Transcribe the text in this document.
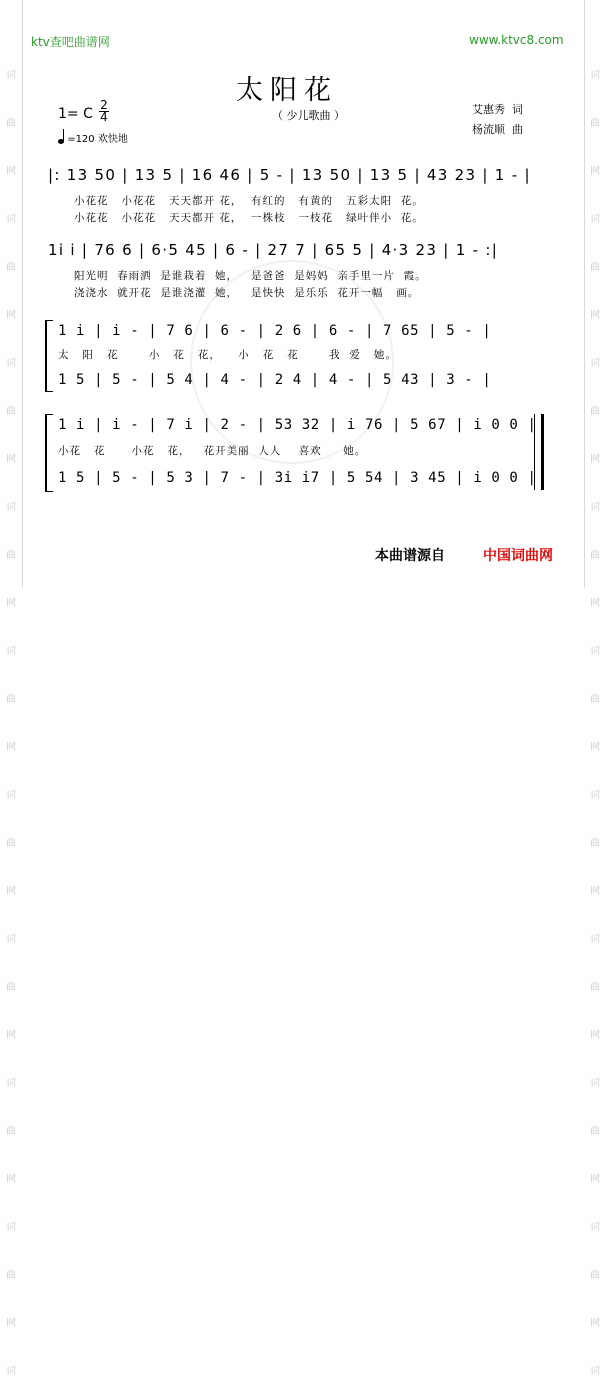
词曲网词曲网词曲网词曲网词曲网词曲网词曲网词曲网词曲网词
词曲网词曲网词曲网词曲网词曲网词曲网词曲网词曲网词曲网词
ktv查吧曲谱网	www.ktvc8.com
太阳花
（ 少儿歌曲 ）
1= C
2
4
=120 欢快地
艾惠秀  词
杨流顺  曲
|: 13 50 | 13 5 | 16 46 | 5 - | 13 50 | 13 5 | 43 23 | 1 - |
小花花   小花花   天天都开 花，  有红的   有黄的   五彩太阳  花。
小花花   小花花   天天都开 花，  一株枝   一枝花   绿叶伴小  花。
1i i | 76 6 | 6·5 45 | 6 - | 27 7 | 65 5 | 4·3 23 | 1 - :|
阳光明  春雨洒  是谁栽着  她，   是爸爸  是妈妈  亲手里一片  霞。
浇浇水  就开花  是谁浇灌  她，   是快快  是乐乐  花开一幅   画。
1 i | i - | 7 6 | 6 - | 2 6 | 6 - | 7 65 | 5 - |
太   阳   花       小   花   花，    小   花   花       我  爱   她。
1 5 | 5 - | 5 4 | 4 - | 2 4 | 4 - | 5 43 | 3 - |
1 i | i - | 7 i | 2 - | 53 32 | i 76 | 5 67 | i 0 0 |
小花   花      小花   花，   花开美丽  人人    喜欢     她。
1 5 | 5 - | 5 3 | 7 - | 3i i7 | 5 54 | 3 45 | i 0 0 |
本曲谱源自	中国词曲网
